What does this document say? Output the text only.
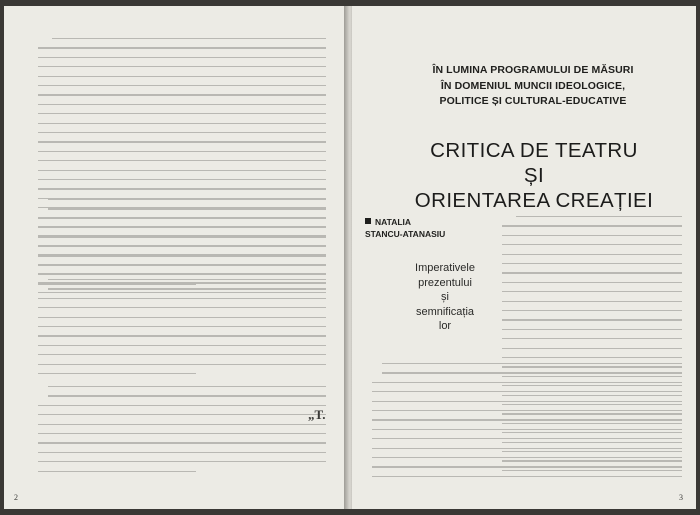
2
„T.
ÎN LUMINA PROGRAMULUI DE MĂSURI
ÎN DOMENIUL MUNCII IDEOLOGICE,
POLITICE ȘI CULTURAL-EDUCATIVE
CRITICA DE TEATRU
ȘI
ORIENTAREA CREAȚIEI
NATALIA
STANCU-ATANASIU
Imperativele
prezentului
și
semnificația
lor
3
